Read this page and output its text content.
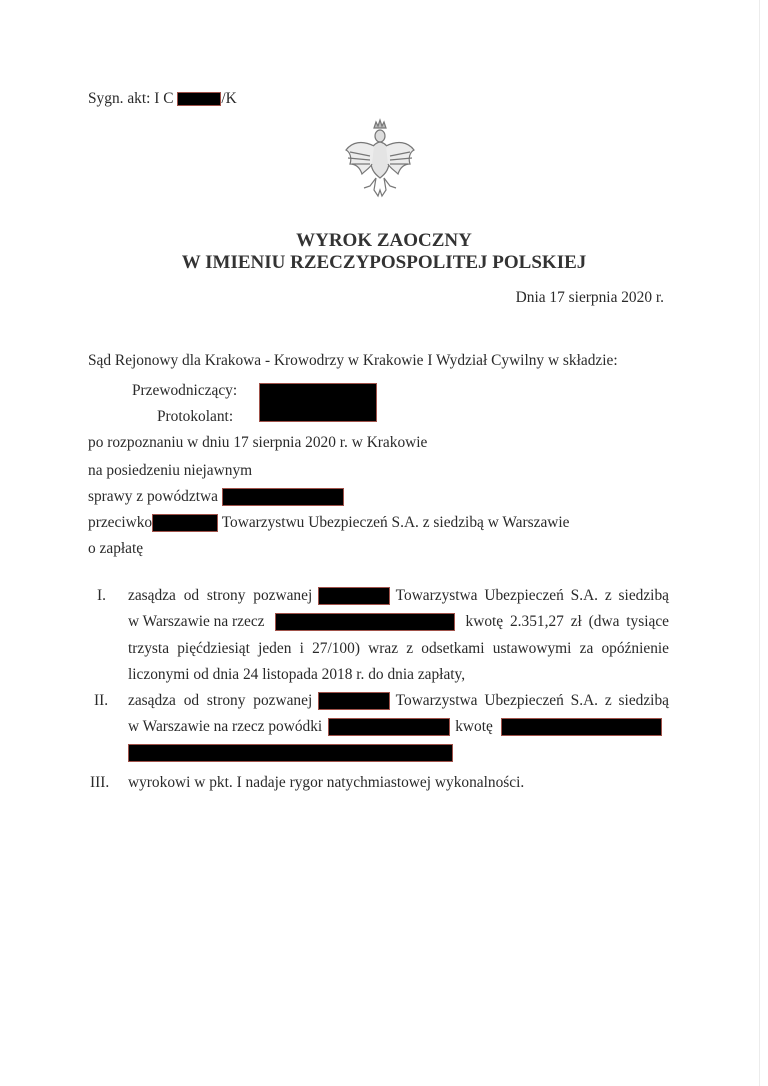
Sygn. akt: I C	/K
WYROK ZAOCZNY
W IMIENIU RZECZYPOSPOLITEJ POLSKIEJ
Dnia 17 sierpnia 2020 r.
Sąd Rejonowy dla Krakowa - Krowodrzy w Krakowie I Wydział Cywilny w składzie:
Przewodniczący:
Protokolant:
po rozpoznaniu w dniu 17 sierpnia 2020 r. w Krakowie
na posiedzeniu niejawnym
sprawy z powództwa
przeciwko	Towarzystwu Ubezpieczeń S.A. z siedzibą w Warszawie
o zapłatę
I. zasądza od strony pozwanej	Towarzystwa Ubezpieczeń S.A. z siedzibą
w Warszawie na rzecz	kwotę 2.351,27 zł (dwa tysiące
trzysta pięćdziesiąt jeden i 27/100) wraz z odsetkami ustawowymi za opóźnienie
liczonymi od dnia 24 listopada 2018 r. do dnia zapłaty,
II. zasądza od strony pozwanej	Towarzystwa Ubezpieczeń S.A. z siedzibą
w Warszawie na rzecz powódki	kwotę
III. wyrokowi w pkt. I nadaje rygor natychmiastowej wykonalności.
